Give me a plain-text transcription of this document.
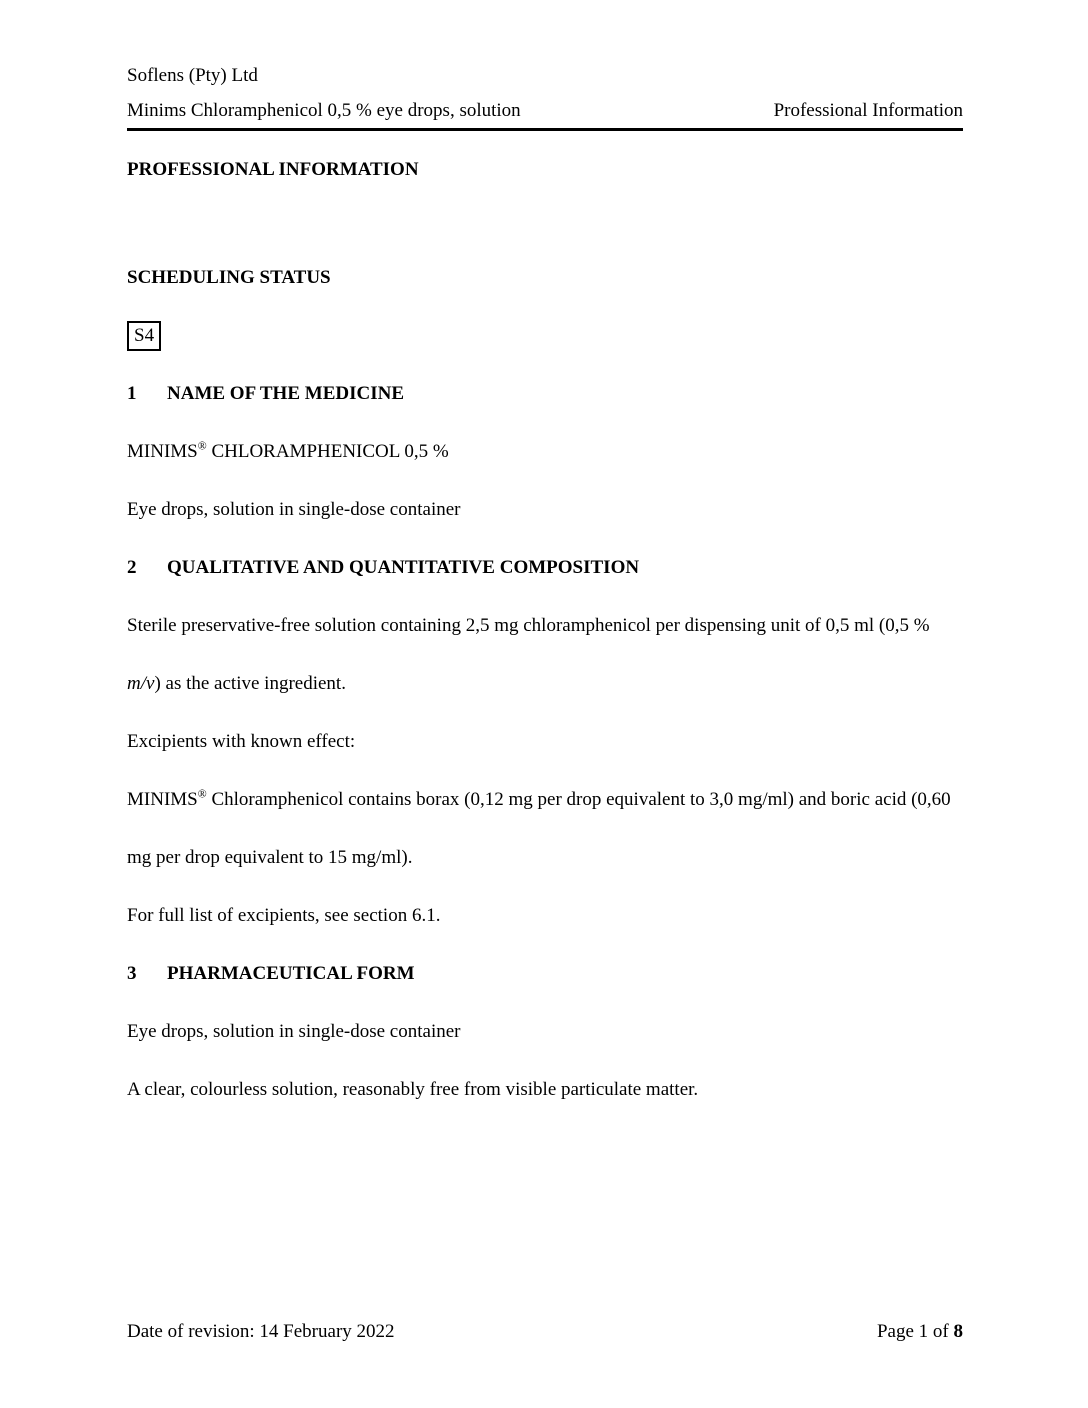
Soflens (Pty) Ltd
Minims Chloramphenicol 0,5 % eye drops, solution	Professional Information
PROFESSIONAL INFORMATION
SCHEDULING STATUS
S4
1 NAME OF THE MEDICINE

MINIMS® CHLORAMPHENICOL 0,5 %

Eye drops, solution in single-dose container

2 QUALITATIVE AND QUANTITATIVE COMPOSITION

Sterile preservative-free solution containing 2,5 mg chloramphenicol per dispensing unit of 0,5 ml (0,5 % m/v) as the active ingredient.

Excipients with known effect:

MINIMS® Chloramphenicol contains borax (0,12 mg per drop equivalent to 3,0 mg/ml) and boric acid (0,60 mg per drop equivalent to 15 mg/ml).

For full list of excipients, see section 6.1.

3 PHARMACEUTICAL FORM

Eye drops, solution in single-dose container

A clear, colourless solution, reasonably free from visible particulate matter.

Date of revision: 14 February 2022	Page 1 of 8
